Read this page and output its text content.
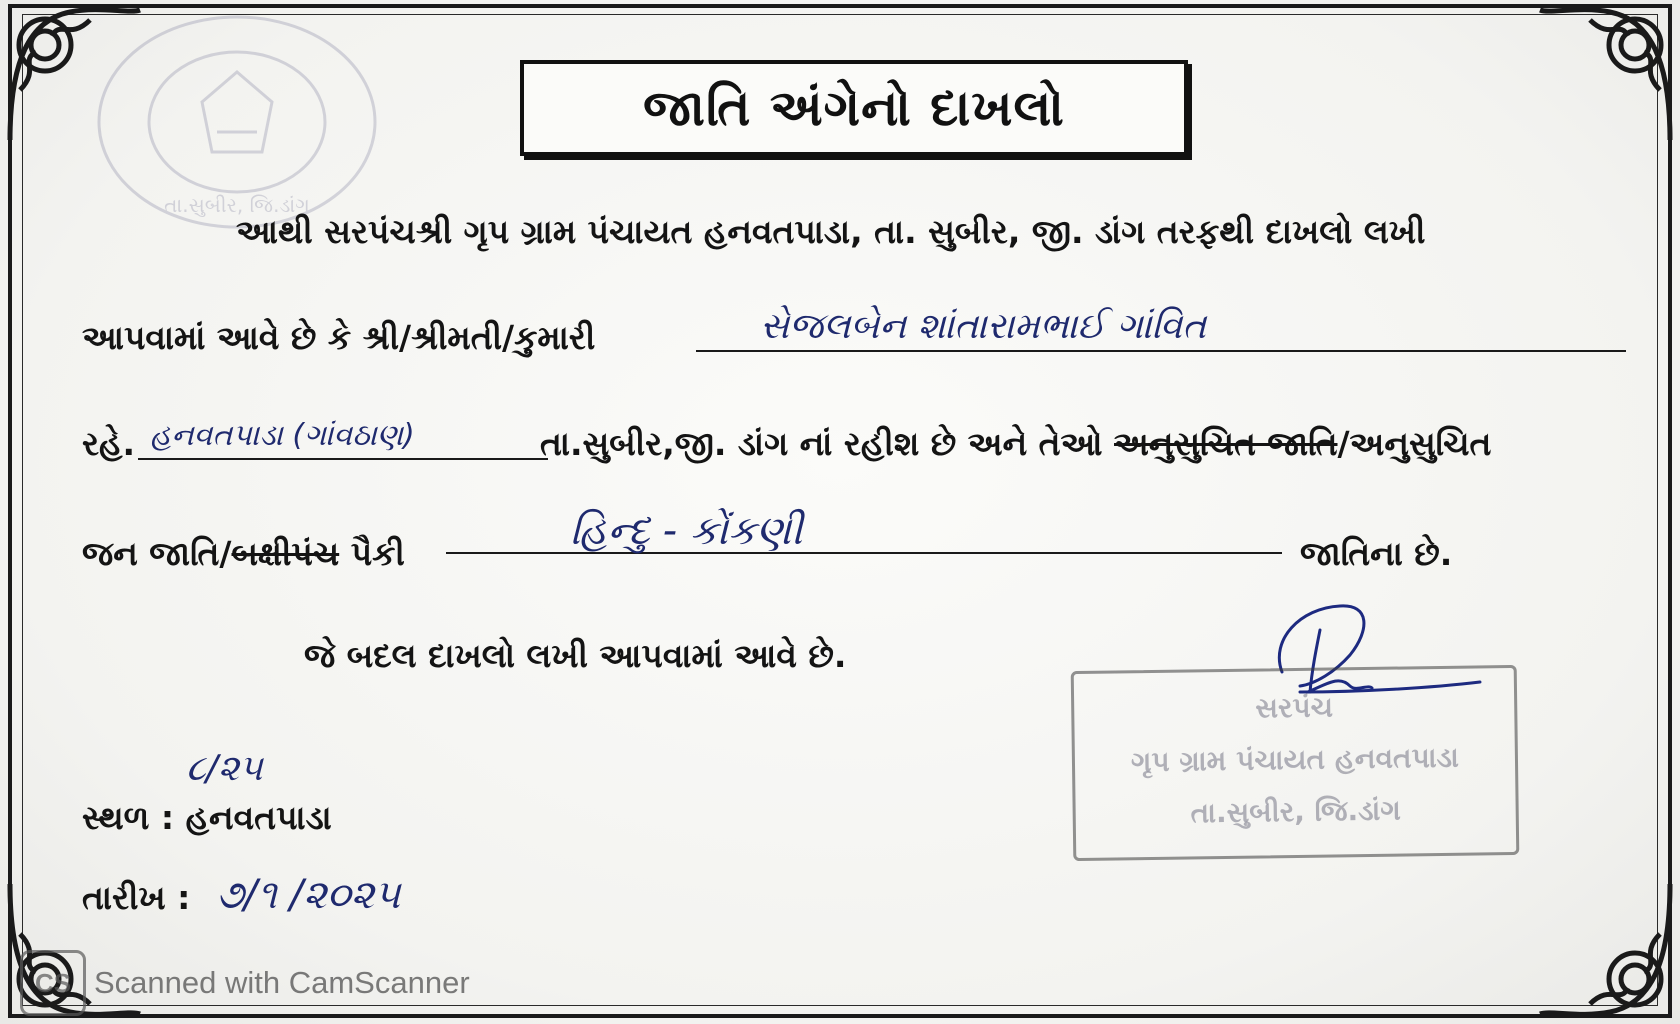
તા.સુબીર, જિ.ડાંગ
જાતિ અંગેનો દાખલો
આથી સરપંચશ્રી ગૃપ ગ્રામ પંચાયત હનવતપાડા, તા. સુબીર, જી. ડાંગ તરફથી દાખલો લખી
આપવામાં આવે છે કે શ્રી/શ્રીમતી/કુમારી	સેજલબેન શાંતારામભાઈ ગાંવિત
રહે. હનવતપાડા (ગાંવઠાણ)	તા.સુબીર,જી. ડાંગ નાં રહીશ છે અને તેઓ અનુસુચિત જાતિ/અનુસુચિત
જન જાતિ/બક્ષીપંચ પૈકી	હિન્દુ - કોંકણી	જાતિના છે.
જે બદલ દાખલો લખી આપવામાં આવે છે.
સરપંચ
ગૃપ ગ્રામ પંચાયત હનવતપાડા
તા.સુબીર, જિ.ડાંગ
૮/૨૫
સ્થળ : હનવતપાડા
તારીખ : ૭/૧ /૨૦૨૫
CS Scanned with CamScanner
